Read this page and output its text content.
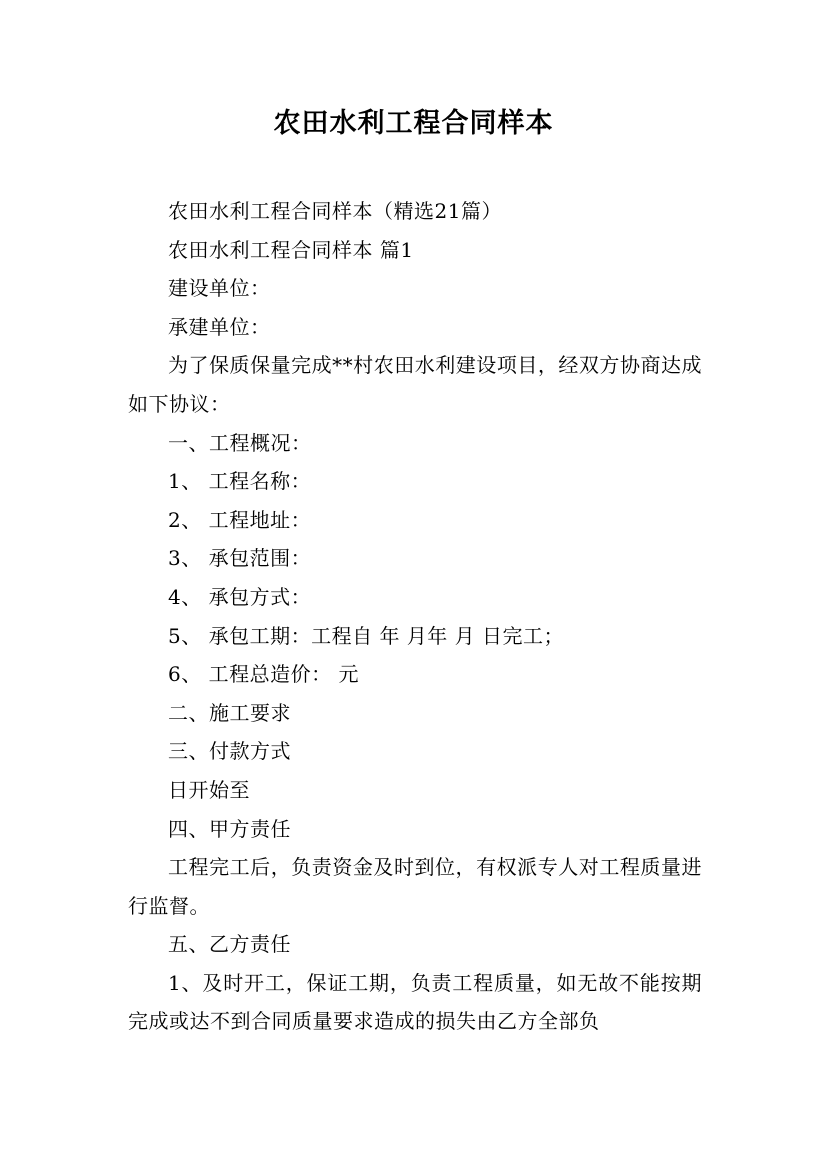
农田水利工程合同样本

农田水利工程合同样本（精选21篇）

农田水利工程合同样本 篇1

建设单位：

承建单位：

为了保质保量完成**村农田水利建设项目，经双方协商达成如下协议：

一、工程概况：

1、 工程名称：

2、 工程地址：

3、 承包范围：

4、 承包方式：

5、 承包工期：工程自 年 月年 月 日完工；

6、 工程总造价： 元

二、施工要求

三、付款方式

日开始至

四、甲方责任

工程完工后，负责资金及时到位，有权派专人对工程质量进行监督。

五、乙方责任

1、及时开工，保证工期，负责工程质量，如无故不能按期完成或达不到合同质量要求造成的损失由乙方全部负
